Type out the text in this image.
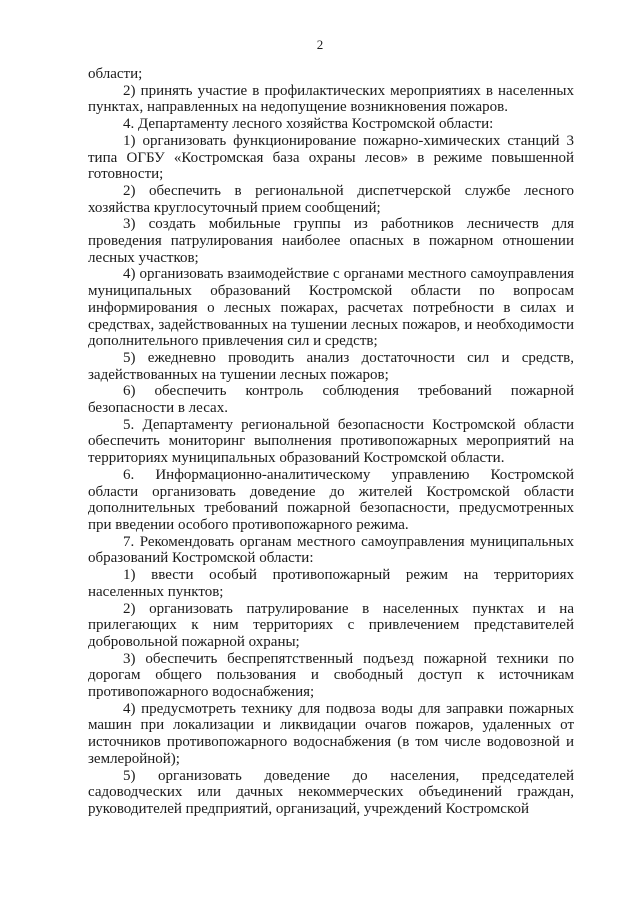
2

области;

2) принять участие в профилактических мероприятиях в населенных пунктах, направленных на недопущение возникновения пожаров.

4. Департаменту лесного хозяйства Костромской области:

1) организовать функционирование пожарно-химических станций 3 типа ОГБУ «Костромская база охраны лесов» в режиме повышенной готовности;

2) обеспечить в региональной диспетчерской службе лесного хозяйства круглосуточный прием сообщений;

3) создать мобильные группы из работников лесничеств для проведения патрулирования наиболее опасных в пожарном отношении лесных участков;

4) организовать взаимодействие с органами местного самоуправления муниципальных образований Костромской области по вопросам информирования о лесных пожарах, расчетах потребности в силах и средствах, задействованных на тушении лесных пожаров, и необходимости дополнительного привлечения сил и средств;

5) ежедневно проводить анализ достаточности сил и средств, задействованных на тушении лесных пожаров;

6) обеспечить контроль соблюдения требований пожарной безопасности в лесах.

5. Департаменту региональной безопасности Костромской области обеспечить мониторинг выполнения противопожарных мероприятий на территориях муниципальных образований Костромской области.

6. Информационно-аналитическому управлению Костромской области организовать доведение до жителей Костромской области дополнительных требований пожарной безопасности, предусмотренных при введении особого противопожарного режима.

7. Рекомендовать органам местного самоуправления муниципальных образований Костромской области:

1) ввести особый противопожарный режим на территориях населенных пунктов;

2) организовать патрулирование в населенных пунктах и на прилегающих к ним территориях с привлечением представителей добровольной пожарной охраны;

3) обеспечить беспрепятственный подъезд пожарной техники по дорогам общего пользования и свободный доступ к источникам противопожарного водоснабжения;

4) предусмотреть технику для подвоза воды для заправки пожарных машин при локализации и ликвидации очагов пожаров, удаленных от источников противопожарного водоснабжения (в том числе водовозной и землеройной);

5) организовать доведение до населения, председателей садоводческих или дачных некоммерческих объединений граждан, руководителей предприятий, организаций, учреждений Костромской
